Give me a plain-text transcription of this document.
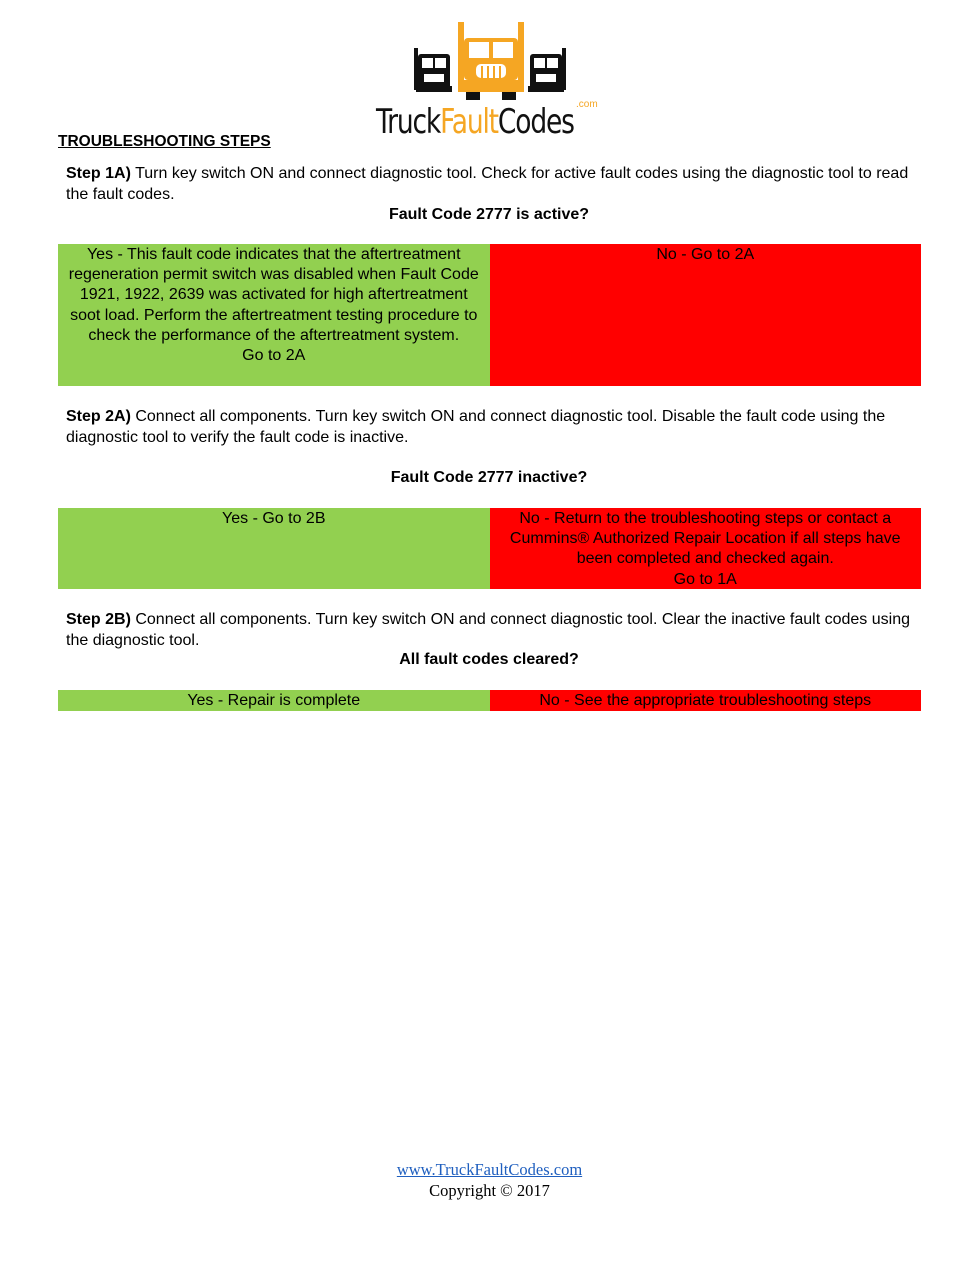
TruckFaultCodes .com
TROUBLESHOOTING STEPS
Step 1A) Turn key switch ON and connect diagnostic tool. Check for active fault codes using the diagnostic tool to read the fault codes.
Fault Code 2777 is active?
Yes - This fault code indicates that the aftertreatment regeneration permit switch was disabled when Fault Code 1921, 1922, 2639 was activated for high aftertreatment soot load. Perform the aftertreatment testing procedure to check the performance of the aftertreatment system.
Go to 2A
No - Go to 2A
Step 2A) Connect all components. Turn key switch ON and connect diagnostic tool. Disable the fault code using the diagnostic tool to verify the fault code is inactive.
Fault Code 2777 inactive?
Yes - Go to 2B	No - Return to the troubleshooting steps or contact a Cummins® Authorized Repair Location if all steps have been completed and checked again.
Go to 1A
Step 2B) Connect all components. Turn key switch ON and connect diagnostic tool. Clear the inactive fault codes using the diagnostic tool.
All fault codes cleared?
Yes - Repair is complete	No - See the appropriate troubleshooting steps
www.TruckFaultCodes.com
Copyright © 2017
